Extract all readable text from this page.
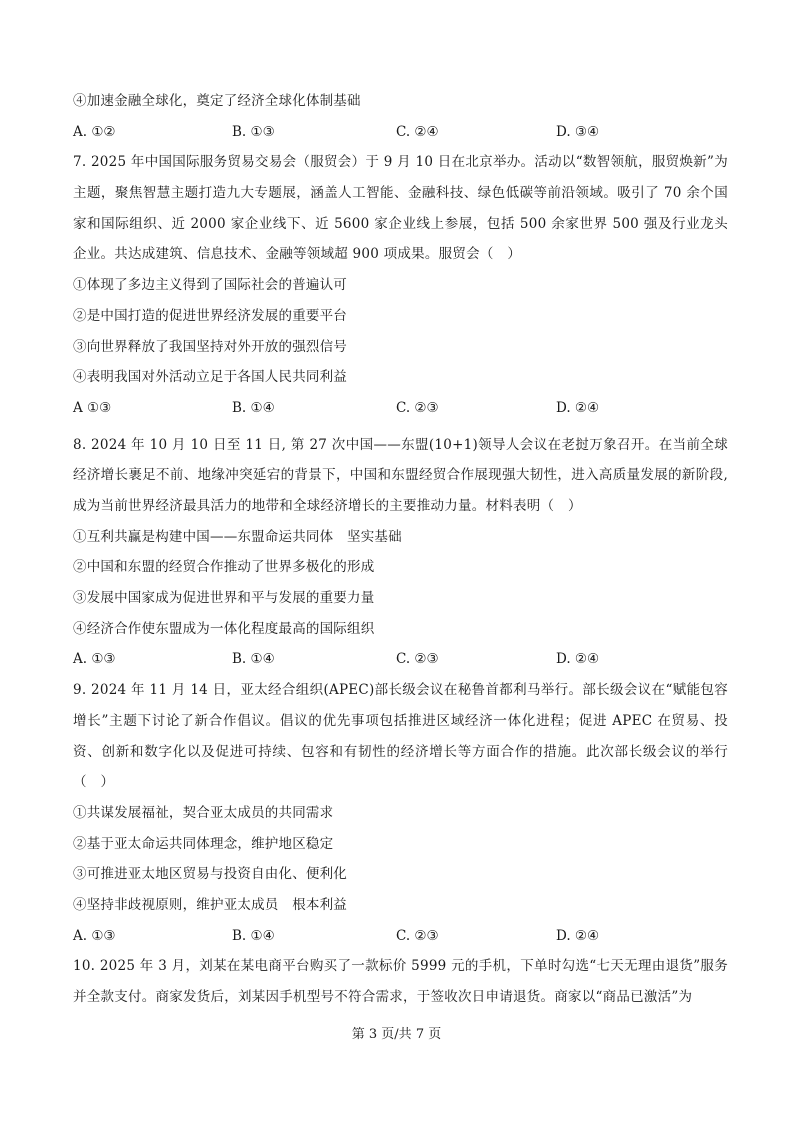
④加速金融全球化，奠定了经济全球化体制基础
A. ①②	B. ①③	C. ②④	D. ③④
7. 2025 年中国国际服务贸易交易会（服贸会）于 9 月 10 日在北京举办。活动以“数智领航，服贸焕新”为主题，聚焦智慧主题打造九大专题展，涵盖人工智能、金融科技、绿色低碳等前沿领域。吸引了 70 余个国家和国际组织、近 2000 家企业线下、近 5600 家企业线上参展，包括 500 余家世界 500 强及行业龙头企业。共达成建筑、信息技术、金融等领域超 900 项成果。服贸会（　）
①体现了多边主义得到了国际社会的普遍认可
②是中国打造的促进世界经济发展的重要平台
③向世界释放了我国坚持对外开放的强烈信号
④表明我国对外活动立足于各国人民共同利益
A ①③	B. ①④	C. ②③	D. ②④
8. 2024 年 10 月 10 日至 11 日, 第 27 次中国——东盟(10+1)领导人会议在老挝万象召开。在当前全球经济增长裹足不前、地缘冲突延宕的背景下，中国和东盟经贸合作展现强大韧性，进入高质量发展的新阶段,成为当前世界经济最具活力的地带和全球经济增长的主要推动力量。材料表明（　）
①互利共赢是构建中国——东盟命运共同体　坚实基础
②中国和东盟的经贸合作推动了世界多极化的形成
③发展中国家成为促进世界和平与发展的重要力量
④经济合作使东盟成为一体化程度最高的国际组织
A. ①③	B. ①④	C. ②③	D. ②④
9. 2024 年 11 月 14 日，亚太经合组织(APEC)部长级会议在秘鲁首都利马举行。部长级会议在“赋能包容增长”主题下讨论了新合作倡议。倡议的优先事项包括推进区域经济一体化进程；促进 APEC 在贸易、投资、创新和数字化以及促进可持续、包容和有韧性的经济增长等方面合作的措施。此次部长级会议的举行（　）
①共谋发展福祉，契合亚太成员的共同需求
②基于亚太命运共同体理念，维护地区稳定
③可推进亚太地区贸易与投资自由化、便利化
④坚持非歧视原则，维护亚太成员　根本利益
A. ①③	B. ①④	C. ②③	D. ②④
10. 2025 年 3 月，刘某在某电商平台购买了一款标价 5999 元的手机，下单时勾选“七天无理由退货”服务并全款支付。商家发货后，刘某因手机型号不符合需求，于签收次日申请退货。商家以“商品已激活”为
第 3 页/共 7 页
